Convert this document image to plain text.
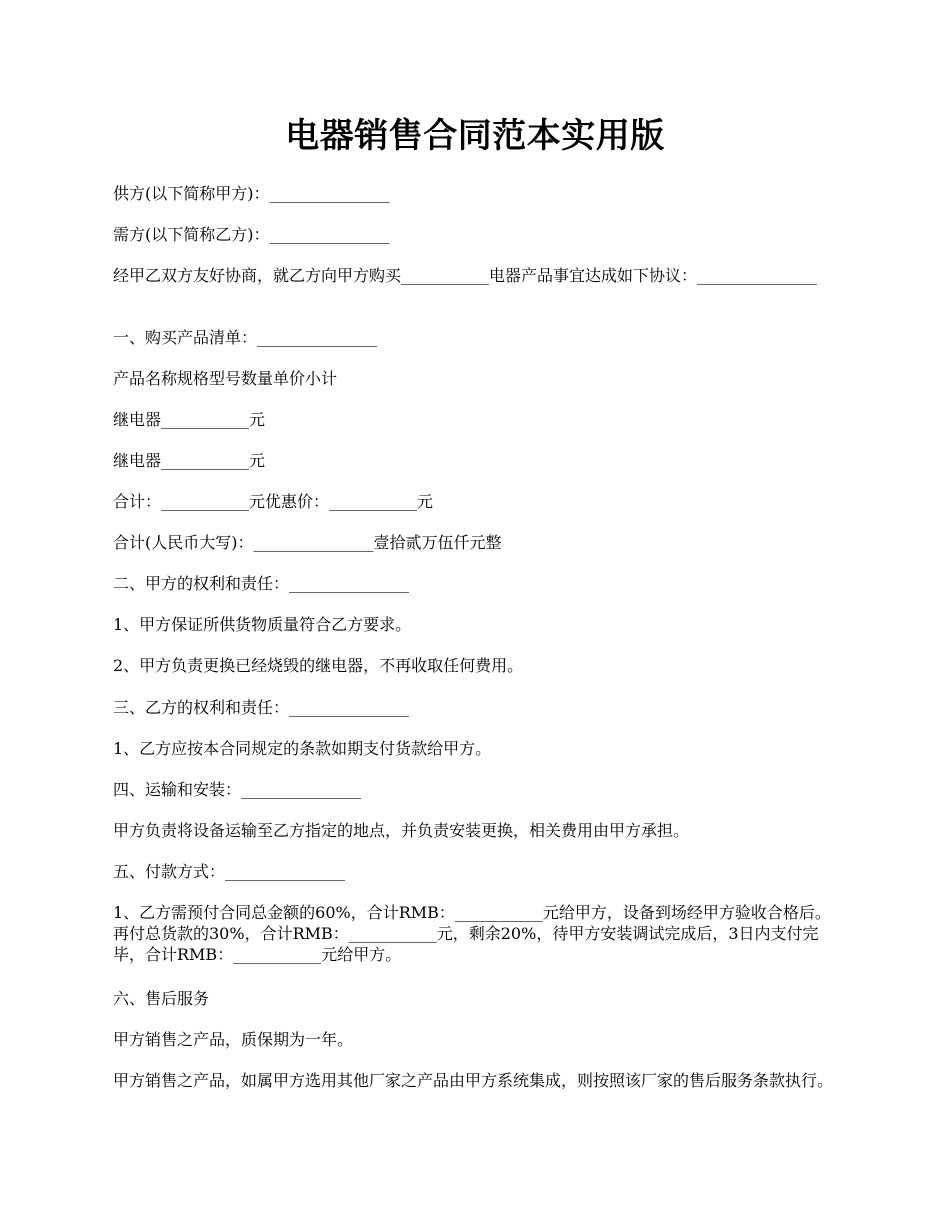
电器销售合同范本实用版
供方(以下简称甲方)：_______________
需方(以下简称乙方)：_______________
经甲乙双方友好协商，就乙方向甲方购买___________电器产品事宜达成如下协议：_______________
一、购买产品清单：_______________
产品名称规格型号数量单价小计
继电器___________元
继电器___________元
合计：___________元优惠价：___________元
合计(人民币大写)：_______________壹拾贰万伍仟元整
二、甲方的权利和责任：_______________
1、甲方保证所供货物质量符合乙方要求。
2、甲方负责更换已经烧毁的继电器，不再收取任何费用。
三、乙方的权利和责任：_______________
1、乙方应按本合同规定的条款如期支付货款给甲方。
四、运输和安装：_______________
甲方负责将设备运输至乙方指定的地点，并负责安装更换，相关费用由甲方承担。
五、付款方式：_______________
1、乙方需预付合同总金额的60%，合计RMB：___________元给甲方，设备到场经甲方验收合格后。再付总货款的30%，合计RMB：___________元，剩余20%，待甲方安装调试完成后，3日内支付完毕，合计RMB：___________元给甲方。
六、售后服务
甲方销售之产品，质保期为一年。
甲方销售之产品，如属甲方选用其他厂家之产品由甲方系统集成，则按照该厂家的售后服务条款执行。
